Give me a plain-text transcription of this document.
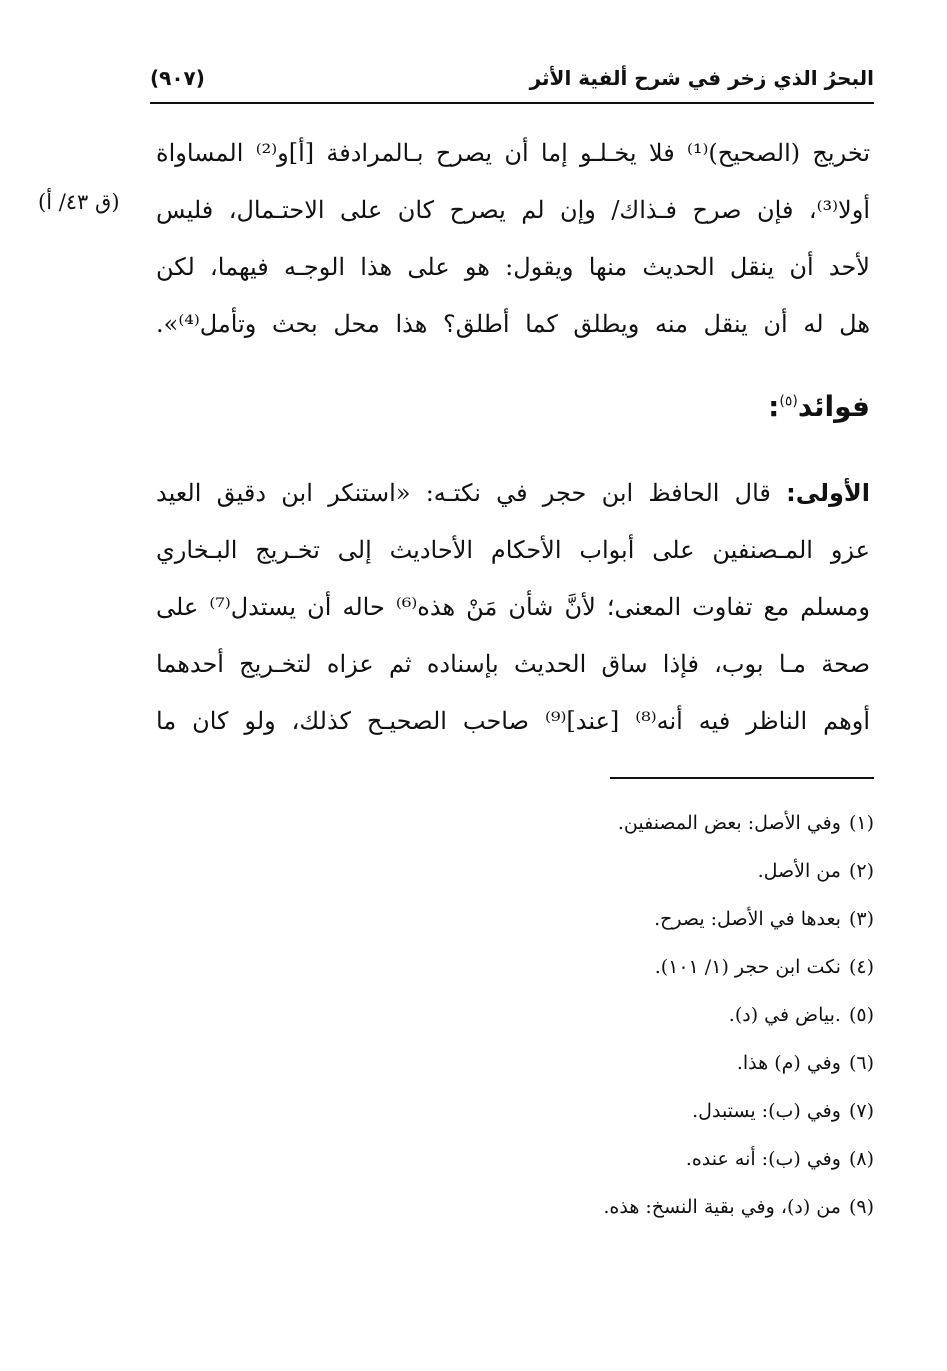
البحرُ الذي زخر في شرح ألفية الأثر
(٩٠٧)
(ق ٤٣/ أ)
تخريج (الصحيح)⁽¹⁾ فلا يخـلـو إما أن يصرح بـالمرادفة [أ]و⁽²⁾ المساواة
أولا⁽³⁾، فإن صرح فـذاك/ وإن لم يصرح كان على الاحتـمال، فليس
لأحد أن ينقل الحديث منها ويقول: هو على هذا الوجـه فيهما، لكن
هل له أن ينقل منه ويطلق كما أطلق؟ هذا محل بحث وتأمل⁽⁴⁾».
فوائد$^{(٥)}$:
الأولى: قال الحافظ ابن حجر في نكتـه: «استنكر ابن دقيق العيد
عزو المـصنفين على أبواب الأحكام الأحاديث إلى تخـريج البـخاري
ومسلم مع تفاوت المعنى؛ لأنَّ شأن مَنْ هذه⁽⁶⁾ حاله أن يستدل⁽⁷⁾ على
صحة مـا بوب، فإذا ساق الحديث بإسناده ثم عزاه لتخـريج أحدهما
أوهم الناظر فيه أنه⁽⁸⁾ [عند]⁽⁹⁾ صاحب الصحيـح كذلك، ولو كان ما
(١)وفي الأصل: بعض المصنفين.
(٢)من الأصل.
(٣)بعدها في الأصل: يصرح.
(٤)نكت ابن حجر (١/ ١٠١).
(٥).بياض في (د).
(٦)وفي (م) هذا.
(٧)وفي (ب): يستبدل.
(٨)وفي (ب): أنه عنده.
(٩)من (د)، وفي بقية النسخ: هذه.
